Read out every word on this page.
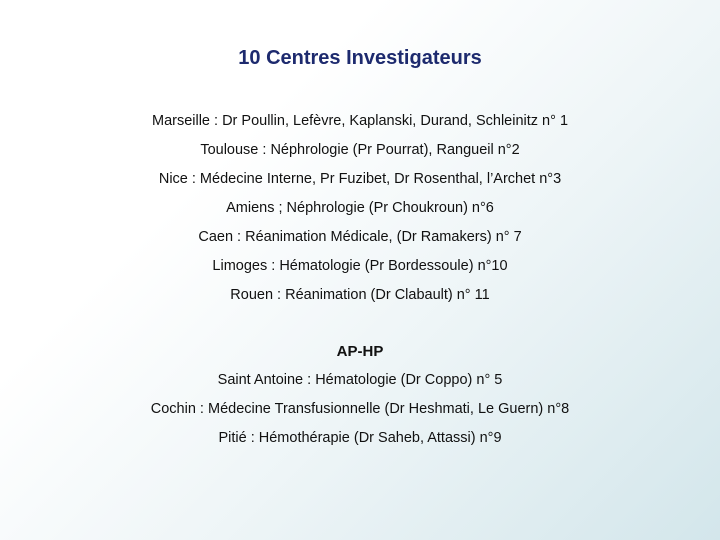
10 Centres Investigateurs
Marseille : Dr Poullin, Lefèvre, Kaplanski, Durand, Schleinitz n° 1
Toulouse : Néphrologie (Pr Pourrat), Rangueil n°2
Nice : Médecine Interne, Pr Fuzibet, Dr Rosenthal, l’Archet n°3
Amiens ; Néphrologie (Pr Choukroun) n°6
Caen : Réanimation Médicale, (Dr Ramakers) n° 7
Limoges : Hématologie (Pr Bordessoule) n°10
Rouen : Réanimation (Dr Clabault) n° 11
AP-HP
Saint Antoine : Hématologie (Dr Coppo) n° 5
Cochin : Médecine Transfusionnelle (Dr Heshmati, Le Guern) n°8
Pitié : Hémothérapie (Dr Saheb, Attassi) n°9
